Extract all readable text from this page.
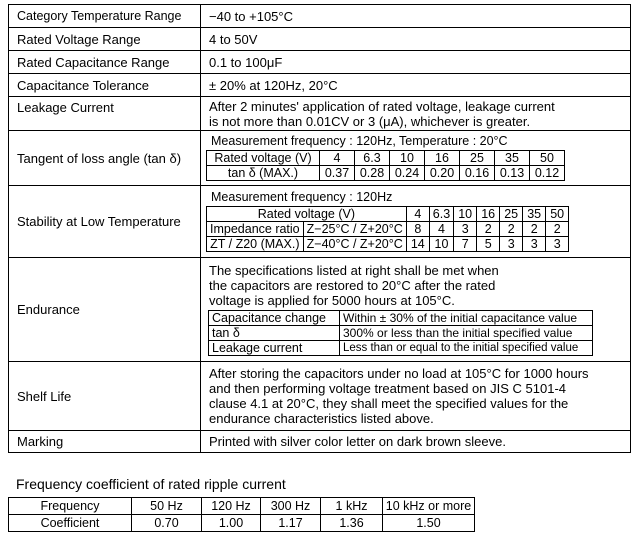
Category Temperature Range	−40 to +105°C
Rated Voltage Range	4 to 50V
Rated Capacitance Range	0.1 to 100μF
Capacitance Tolerance	± 20% at 120Hz, 20°C
Leakage Current	After 2 minutes' application of rated voltage, leakage current
is not more than 0.01CV or 3 (μA), whichever is greater.

Tangent of loss angle (tan δ)	
Measurement frequency : 120Hz, Temperature : 20°C
Rated voltage (V)	4	6.3	10	16	25	35	50
tan δ (MAX.)	0.37	0.28	0.24	0.20	0.16	0.13	0.12

Stability at Low Temperature	
Measurement frequency : 120Hz
Rated voltage (V)	4	6.3	10	16	25	35	50
Impedance ratio	Z−25°C / Z+20°C	8	4	3	2	2	2	2
ZT / Z20 (MAX.)	Z−40°C / Z+20°C	14	10	7	5	3	3	3

Endurance	
The specifications listed at right shall be met when
the capacitors are restored to 20°C after the rated
voltage is applied for 5000 hours at 105°C.
Capacitance change	Within ± 30% of the initial capacitance value
tan δ	300% or less than the initial specified value
Leakage current	Less than or equal to the initial specified value

Shelf Life	
After storing the capacitors under no load at 105°C for 1000 hours
and then performing voltage treatment based on JIS C 5101-4
clause 4.1 at 20°C, they shall meet the specified values for the
endurance characteristics listed above.

Marking	Printed with silver color letter on dark brown sleeve.
Frequency coefficient of rated ripple current
Frequency	50 Hz	120 Hz	300 Hz	1 kHz	10 kHz or more
Coefficient	0.70	1.00	1.17	1.36	1.50
